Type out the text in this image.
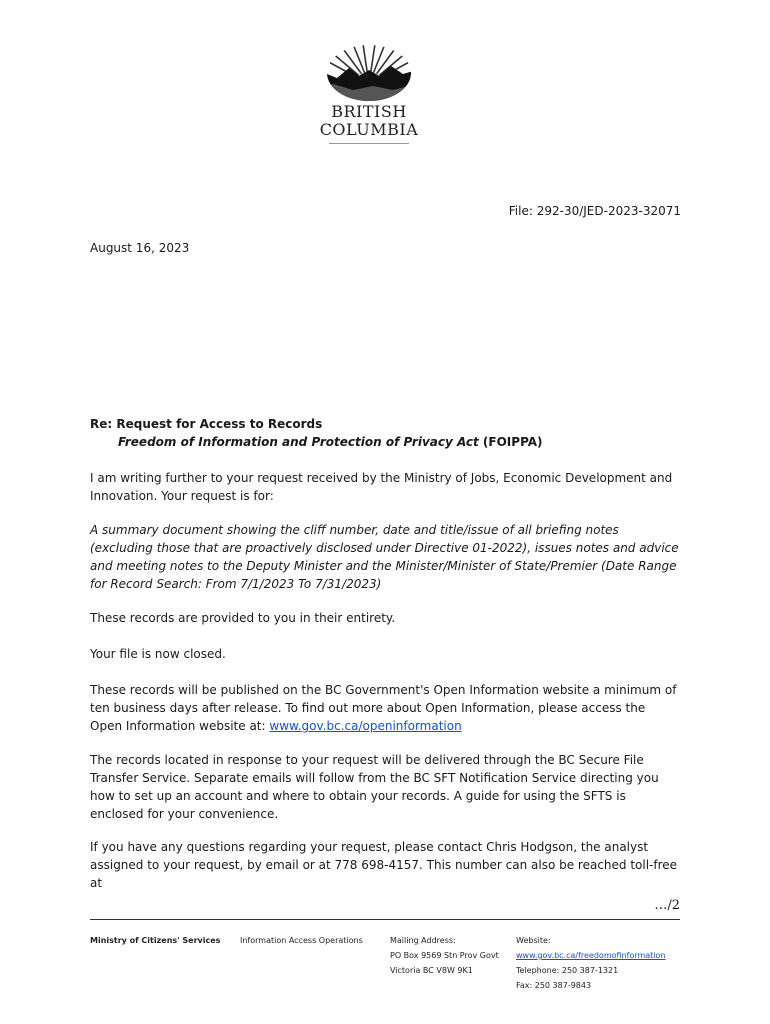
BRITISH
COLUMBIA
File: 292-30/JED-2023-32071
August 16, 2023
Re: Request for Access to Records
Freedom of Information and Protection of Privacy Act (FOIPPA)

I am writing further to your request received by the Ministry of Jobs, Economic Development and Innovation. Your request is for:

A summary document showing the cliff number, date and title/issue of all briefing notes (excluding those that are proactively disclosed under Directive 01-2022), issues notes and advice and meeting notes to the Deputy Minister and the Minister/Minister of State/Premier (Date Range for Record Search: From 7/1/2023 To 7/31/2023)

These records are provided to you in their entirety.

Your file is now closed.

These records will be published on the BC Government's Open Information website a minimum of ten business days after release. To find out more about Open Information, please access the Open Information website at: www.gov.bc.ca/openinformation

The records located in response to your request will be delivered through the BC Secure File Transfer Service. Separate emails will follow from the BC SFT Notification Service directing you how to set up an account and where to obtain your records. A guide for using the SFTS is enclosed for your convenience.

If you have any questions regarding your request, please contact Chris Hodgson, the analyst assigned to your request, by email or at 778 698-4157. This number can also be reached toll-free at

…/2
Ministry of Citizens' Services Information Access Operations	Mailing Address:
PO Box 9569 Stn Prov Govt
Victoria BC V8W 9K1
Website:
www.gov.bc.ca/freedomofinformation
Telephone: 250 387-1321
Fax: 250 387-9843
